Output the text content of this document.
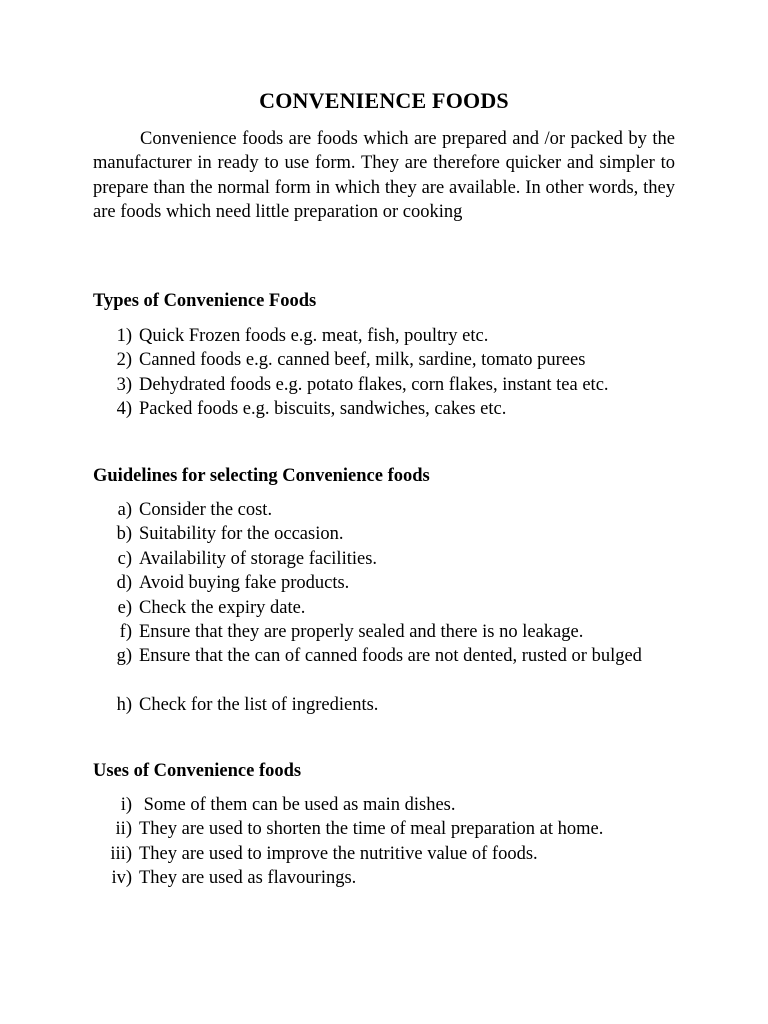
CONVENIENCE FOODS

Convenience foods are foods which are prepared and /or packed by the manufacturer in ready to use form. They are therefore quicker and simpler to prepare than the normal form in which they are available. In other words, they are foods which need little preparation or cooking

Types of Convenience Foods
1) Quick Frozen foods e.g. meat, fish, poultry etc.
2) Canned foods e.g. canned beef, milk, sardine, tomato purees
3) Dehydrated foods e.g. potato flakes, corn flakes, instant tea etc.
4) Packed foods e.g. biscuits, sandwiches, cakes etc.
Guidelines for selecting Convenience foods
a) Consider the cost.
b) Suitability for the occasion.
c) Availability of storage facilities.
d) Avoid buying fake products.
e) Check the expiry date.
f) Ensure that they are properly sealed and there is no leakage.
g) Ensure that the can of canned foods are not dented, rusted or bulged
h) Check for the list of ingredients.
Uses of Convenience foods
i) Some of them can be used as main dishes.
ii) They are used to shorten the time of meal preparation at home.
iii) They are used to improve the nutritive value of foods.
iv) They are used as flavourings.
